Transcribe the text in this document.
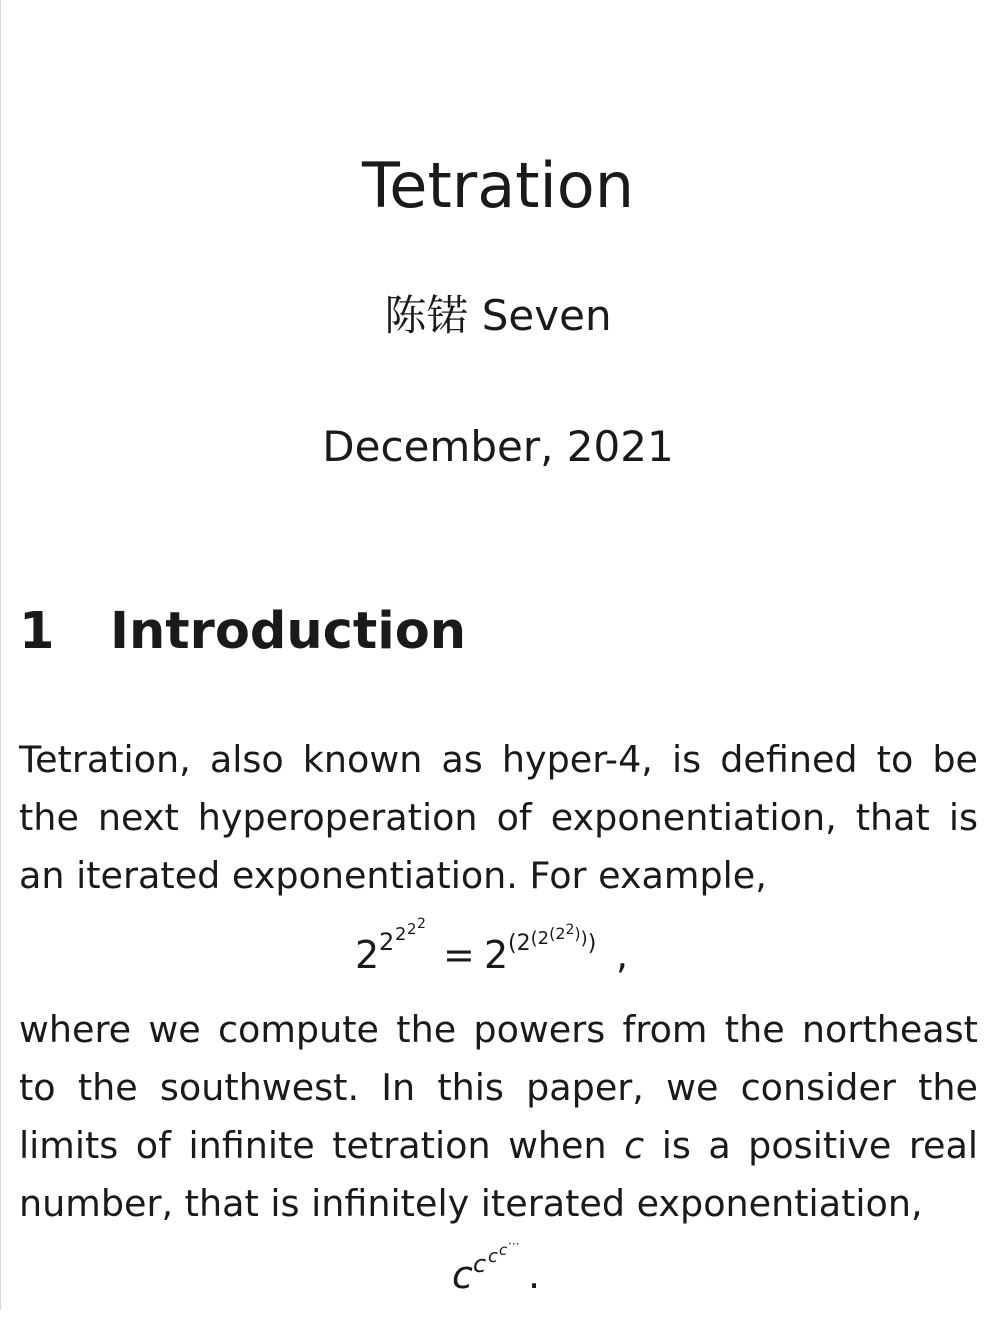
Tetration
陈锘 Seven
December, 2021
1 Introduction

Tetration, also known as hyper-4, is defined to be
the next hyperoperation of exponentiation, that is
an iterated exponentiation. For example,

2 2 2 2 2
= 2 $(2^{(2(22}_{))})$ ,

where we compute the powers from the northeast
to the southwest. In this paper, we consider the
limits of infinite tetration when c is a positive real
number, that is infinitely iterated exponentiation,

c c c c ···
.
